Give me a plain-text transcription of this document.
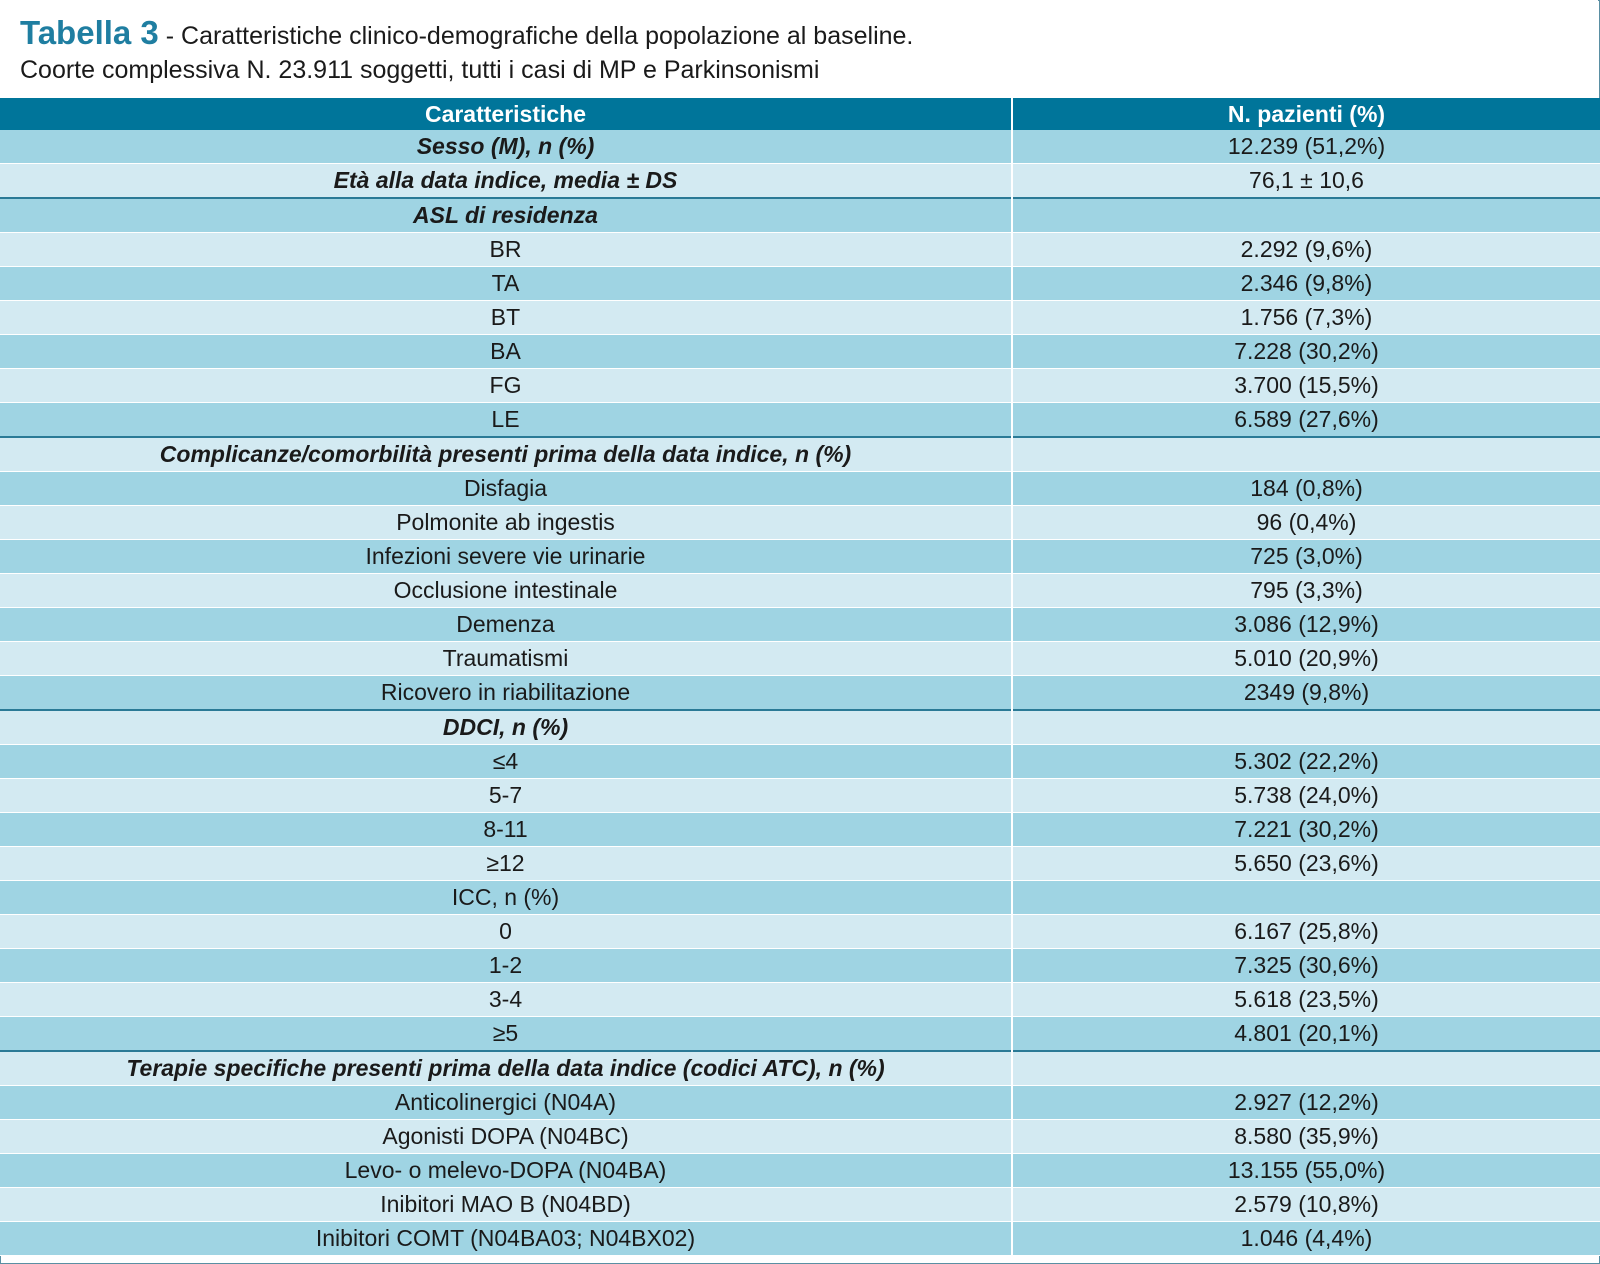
Tabella 3 - Caratteristiche clinico-demografiche della popolazione al baseline.
Coorte complessiva N. 23.911 soggetti, tutti i casi di MP e Parkinsonismi
Caratteristiche	N. pazienti (%)
Sesso (M), n (%)	12.239 (51,2%)
Età alla data indice, media ± DS	76,1 ± 10,6
ASL di residenza	
BR	2.292 (9,6%)
TA	2.346 (9,8%)
BT	1.756 (7,3%)
BA	7.228 (30,2%)
FG	3.700 (15,5%)
LE	6.589 (27,6%)
Complicanze/comorbilità presenti prima della data indice, n (%)	
Disfagia	184 (0,8%)
Polmonite ab ingestis	96 (0,4%)
Infezioni severe vie urinarie	725 (3,0%)
Occlusione intestinale	795 (3,3%)
Demenza	3.086 (12,9%)
Traumatismi	5.010 (20,9%)
Ricovero in riabilitazione	2349 (9,8%)
DDCI, n (%)	
≤4	5.302 (22,2%)
5-7	5.738 (24,0%)
8-11	7.221 (30,2%)
≥12	5.650 (23,6%)
ICC, n (%)	
0	6.167 (25,8%)
1-2	7.325 (30,6%)
3-4	5.618 (23,5%)
≥5	4.801 (20,1%)
Terapie specifiche presenti prima della data indice (codici ATC), n (%)	
Anticolinergici (N04A)	2.927 (12,2%)
Agonisti DOPA (N04BC)	8.580 (35,9%)
Levo- o melevo-DOPA (N04BA)	13.155 (55,0%)
Inibitori MAO B (N04BD)	2.579 (10,8%)
Inibitori COMT (N04BA03; N04BX02)	1.046 (4,4%)
